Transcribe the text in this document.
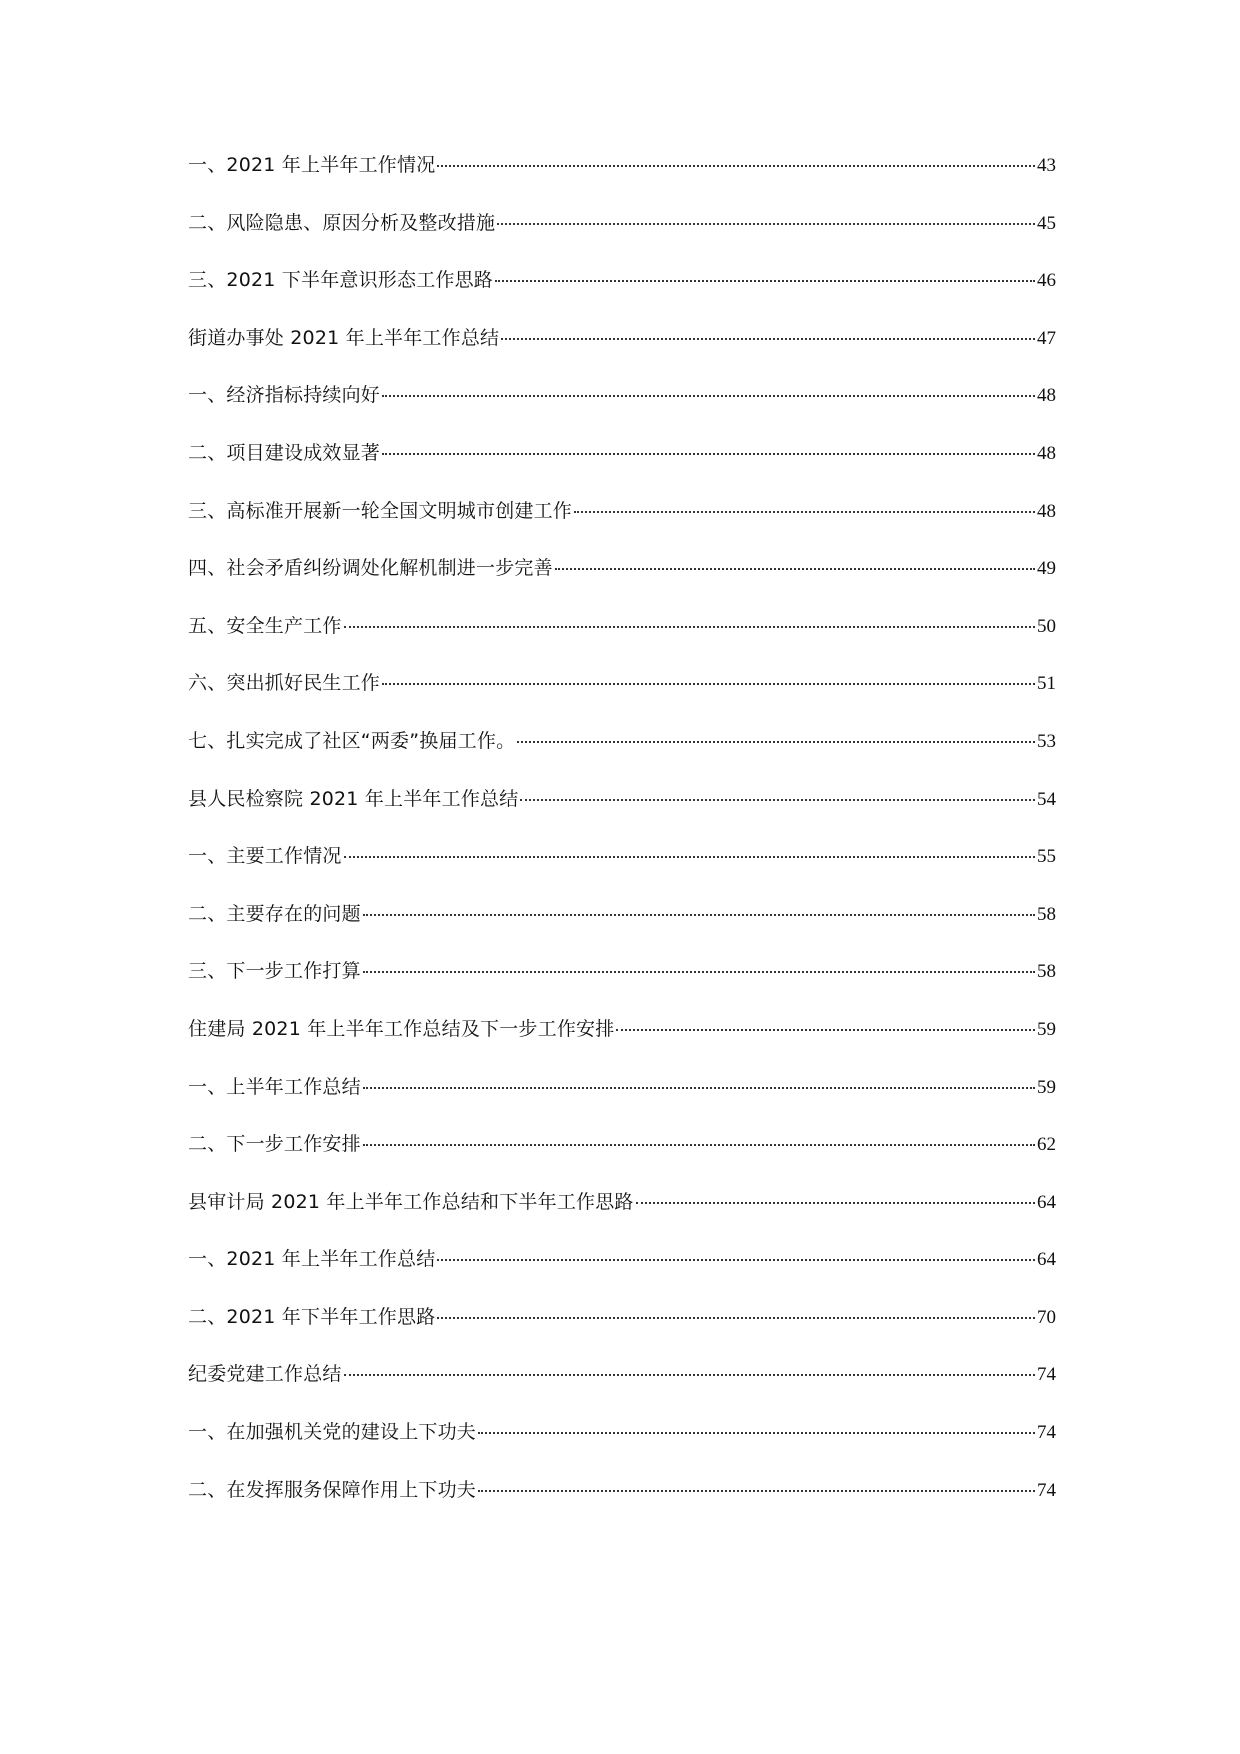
一、2021 年上半年工作情况	43
二、风险隐患、原因分析及整改措施	45
三、2021 下半年意识形态工作思路	46
街道办事处 2021 年上半年工作总结	47
一、经济指标持续向好	48
二、项目建设成效显著	48
三、高标准开展新一轮全国文明城市创建工作	48
四、社会矛盾纠纷调处化解机制进一步完善	49
五、安全生产工作	50
六、突出抓好民生工作	51
七、扎实完成了社区“两委”换届工作。	53
县人民检察院 2021 年上半年工作总结	54
一、主要工作情况	55
二、主要存在的问题	58
三、下一步工作打算	58
住建局 2021 年上半年工作总结及下一步工作安排	59
一、上半年工作总结	59
二、下一步工作安排	62
县审计局 2021 年上半年工作总结和下半年工作思路	64
一、2021 年上半年工作总结	64
二、2021 年下半年工作思路	70
纪委党建工作总结	74
一、在加强机关党的建设上下功夫	74
二、在发挥服务保障作用上下功夫	74
